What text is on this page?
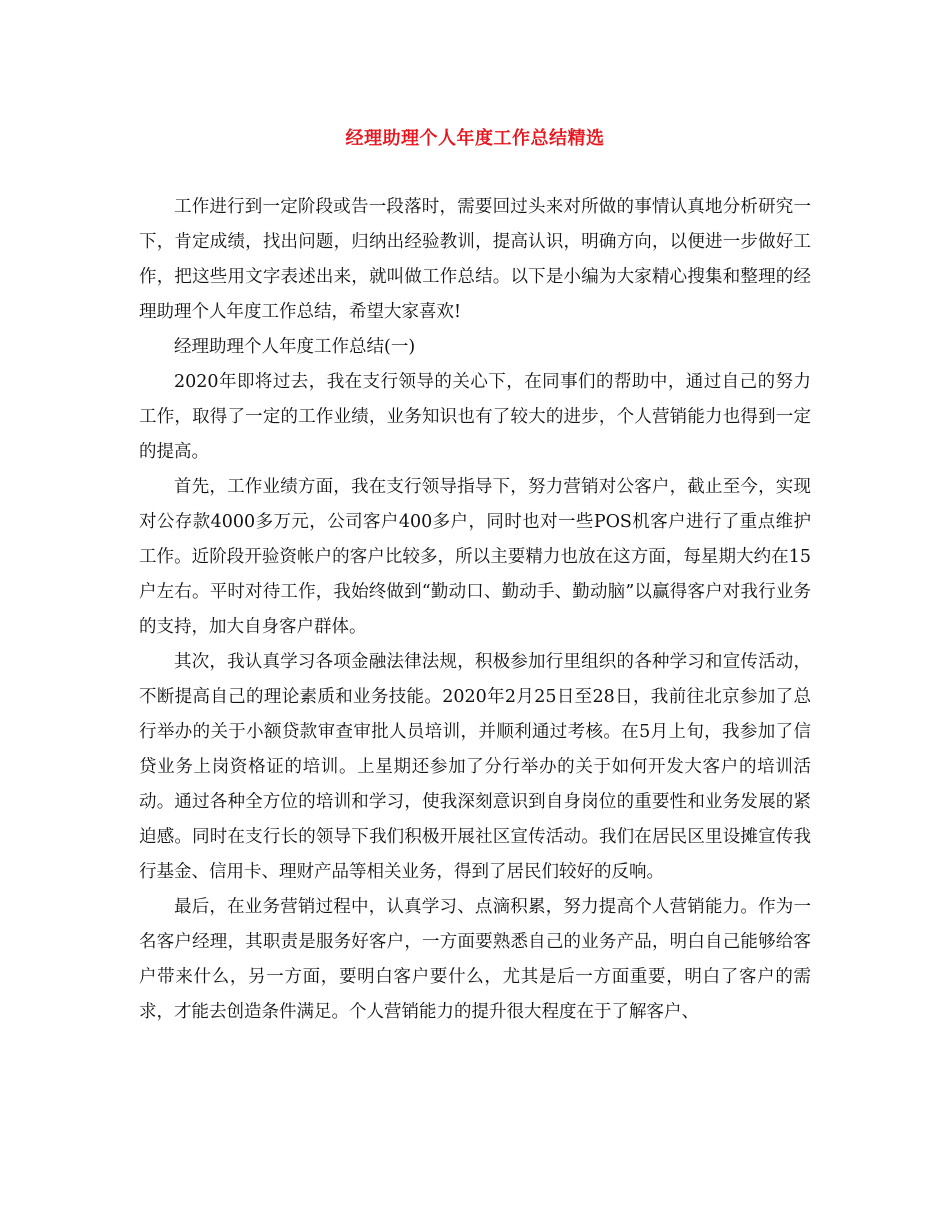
经理助理个人年度工作总结精选

工作进行到一定阶段或告一段落时，需要回过头来对所做的事情认真地分析研究一下，肯定成绩，找出问题，归纳出经验教训，提高认识，明确方向，以便进一步做好工作，把这些用文字表述出来，就叫做工作总结。以下是小编为大家精心搜集和整理的经理助理个人年度工作总结，希望大家喜欢!

经理助理个人年度工作总结(一)

2020年即将过去，我在支行领导的关心下，在同事们的帮助中，通过自己的努力工作，取得了一定的工作业绩，业务知识也有了较大的进步，个人营销能力也得到一定的提高。

首先，工作业绩方面，我在支行领导指导下，努力营销对公客户，截止至今，实现对公存款4000多万元，公司客户400多户，同时也对一些POS机客户进行了重点维护工作。近阶段开验资帐户的客户比较多，所以主要精力也放在这方面，每星期大约在15户左右。平时对待工作，我始终做到“勤动口、勤动手、勤动脑”以赢得客户对我行业务的支持，加大自身客户群体。

其次，我认真学习各项金融法律法规，积极参加行里组织的各种学习和宣传活动，不断提高自己的理论素质和业务技能。2020年2月25日至28日，我前往北京参加了总行举办的关于小额贷款审查审批人员培训，并顺利通过考核。在5月上旬，我参加了信贷业务上岗资格证的培训。上星期还参加了分行举办的关于如何开发大客户的培训活动。通过各种全方位的培训和学习，使我深刻意识到自身岗位的重要性和业务发展的紧迫感。同时在支行长的领导下我们积极开展社区宣传活动。我们在居民区里设摊宣传我行基金、信用卡、理财产品等相关业务，得到了居民们较好的反响。

最后，在业务营销过程中，认真学习、点滴积累，努力提高个人营销能力。作为一名客户经理，其职责是服务好客户，一方面要熟悉自己的业务产品，明白自己能够给客户带来什么，另一方面，要明白客户要什么，尤其是后一方面重要，明白了客户的需求，才能去创造条件满足。个人营销能力的提升很大程度在于了解客户、
